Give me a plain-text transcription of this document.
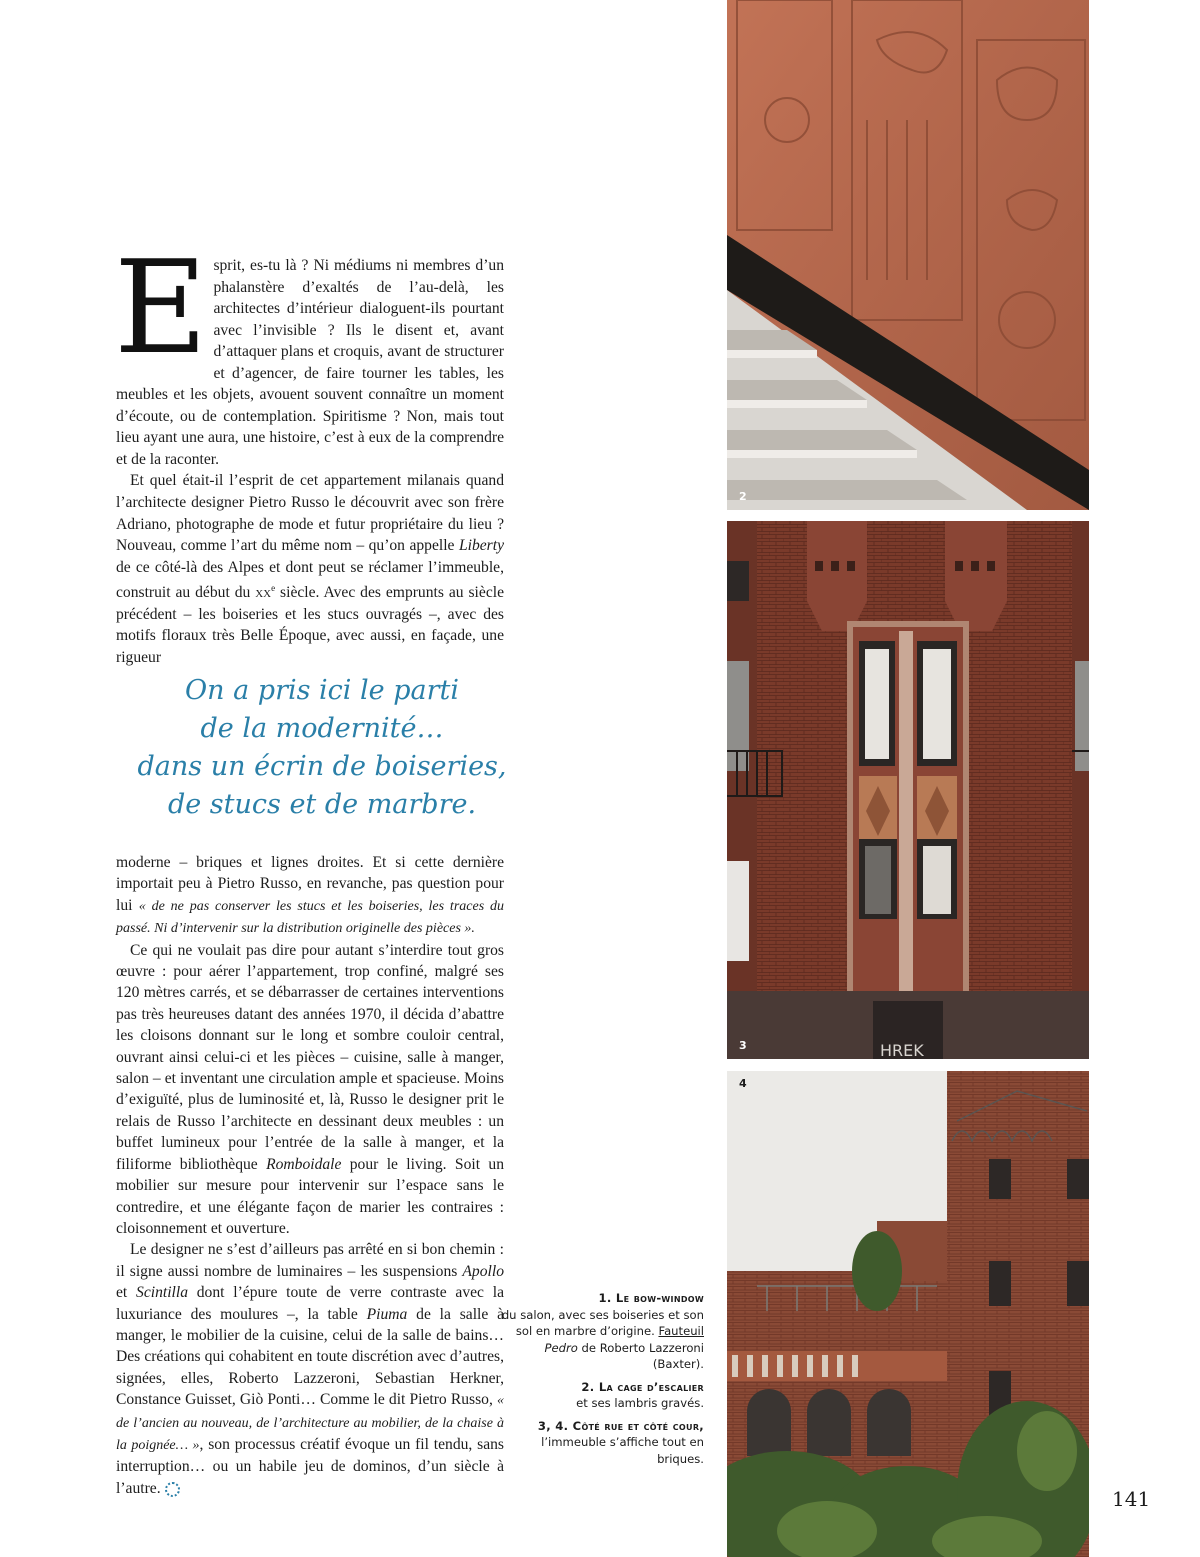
Esprit, es-tu là ? Ni médiums ni membres d’un phalanstère d’exaltés de l’au-delà, les architectes d’intérieur dialoguent-ils pourtant avec l’invisible ? Ils le disent et, avant d’attaquer plans et croquis, avant de structurer et d’agencer, de faire tourner les tables, les meubles et les objets, avouent souvent connaître un moment d’écoute, ou de contemplation. Spiritisme ? Non, mais tout lieu ayant une aura, une histoire, c’est à eux de la comprendre et de la raconter.

Et quel était-il l’esprit de cet appartement milanais quand l’architecte designer Pietro Russo le découvrit avec son frère Adriano, photographe de mode et futur propriétaire du lieu ? Nouveau, comme l’art du même nom – qu’on appelle Liberty de ce côté-là des Alpes et dont peut se réclamer l’immeuble, construit au début du $xx^e$ siècle. Avec des emprunts au siècle précédent – les boiseries et les stucs ouvragés –, avec des motifs floraux très Belle Époque, avec aussi, en façade, une rigueur

On a pris ici le parti
de la modernité…
dans un écrin de boiseries,
de stucs et de marbre.

moderne – briques et lignes droites. Et si cette dernière importait peu à Pietro Russo, en revanche, pas question pour lui « de ne pas conserver les stucs et les boiseries, les traces du passé. Ni d’intervenir sur la distribution originelle des pièces ».

Ce qui ne voulait pas dire pour autant s’interdire tout gros œuvre : pour aérer l’appartement, trop confiné, malgré ses 120 mètres carrés, et se débarrasser de certaines interventions pas très heureuses datant des années 1970, il décida d’abattre les cloisons donnant sur le long et sombre couloir central, ouvrant ainsi celui-ci et les pièces – cuisine, salle à manger, salon – et inventant une circulation ample et spacieuse. Moins d’exiguïté, plus de luminosité et, là, Russo le designer prit le relais de Russo l’architecte en dessinant deux meubles : un buffet lumineux pour l’entrée de la salle à manger, et la filiforme bibliothèque Romboidale pour le living. Soit un mobilier sur mesure pour intervenir sur l’espace sans le contredire, et une élégante façon de marier les contraires : cloisonnement et ouverture.

Le designer ne s’est d’ailleurs pas arrêté en si bon chemin : il signe aussi nombre de luminaires – les suspensions Apollo et Scintilla dont l’épure toute de verre contraste avec la luxuriance des moulures –, la table Piuma de la salle à manger, le mobilier de la cuisine, celui de la salle de bains… Des créations qui cohabitent en toute discrétion avec d’autres, signées, elles, Roberto Lazzeroni, Sebastian Herkner, Constance Guisset, Giò Ponti… Comme le dit Pietro Russo, « de l’ancien au nouveau, de l’architecture au mobilier, de la chaise à la poignée… », son processus créatif évoque un fil tendu, sans interruption… ou un habile jeu de dominos, d’un siècle à l’autre.

2
HREK
3
4

1. Le bow-window
du salon, avec ses boiseries et son sol en marbre d’origine. Fauteuil Pedro de Roberto Lazzeroni (Baxter).

2. La cage d’escalier
et ses lambris gravés.

3, 4. Côté rue et côté cour, l’immeuble s’affiche tout en briques.

141
